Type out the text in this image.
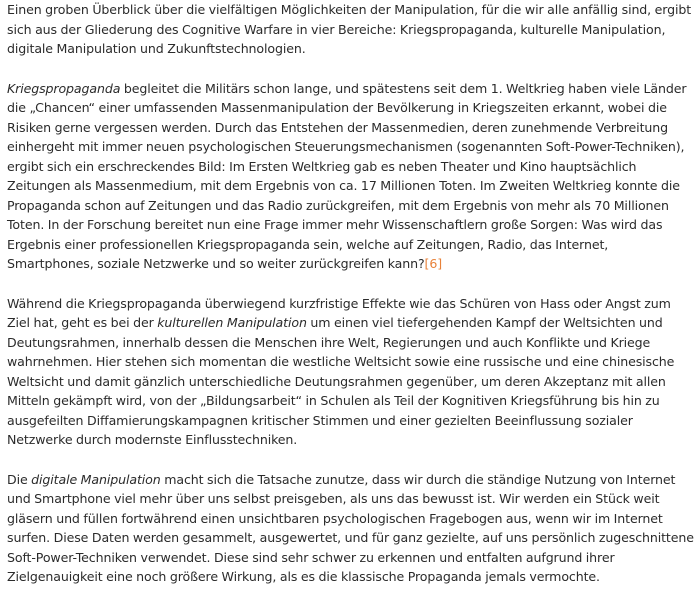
Einen groben Überblick über die vielfältigen Möglichkeiten der Manipulation, für die wir alle anfällig sind, ergibt sich aus der Gliederung des Cognitive Warfare in vier Bereiche: Kriegspropaganda, kulturelle Manipulation, digitale Manipulation und Zukunftstechnologien.

Kriegspropaganda begleitet die Militärs schon lange, und spätestens seit dem 1. Weltkrieg haben viele Länder die „Chancen“ einer umfassenden Massenmanipulation der Bevölkerung in Kriegszeiten erkannt, wobei die Risiken gerne vergessen werden. Durch das Entstehen der Massenmedien, deren zunehmende Verbreitung einhergeht mit immer neuen psychologischen Steuerungsmechanismen (sogenannten Soft-Power-Techniken), ergibt sich ein erschreckendes Bild: Im Ersten Weltkrieg gab es neben Theater und Kino hauptsächlich Zeitungen als Massenmedium, mit dem Ergebnis von ca. 17 Millionen Toten. Im Zweiten Weltkrieg konnte die Propaganda schon auf Zeitungen und das Radio zurückgreifen, mit dem Ergebnis von mehr als 70 Millionen Toten. In der Forschung bereitet nun eine Frage immer mehr Wissenschaftlern große Sorgen: Was wird das Ergebnis einer professionellen Kriegspropaganda sein, welche auf Zeitungen, Radio, das Internet, Smartphones, soziale Netzwerke und so weiter zurückgreifen kann?[6]

Während die Kriegspropaganda überwiegend kurzfristige Effekte wie das Schüren von Hass oder Angst zum Ziel hat, geht es bei der kulturellen Manipulation um einen viel tiefergehenden Kampf der Weltsichten und Deutungsrahmen, innerhalb dessen die Menschen ihre Welt, Regierungen und auch Konflikte und Kriege wahrnehmen. Hier stehen sich momentan die westliche Weltsicht sowie eine russische und eine chinesische Weltsicht und damit gänzlich unterschiedliche Deutungsrahmen gegenüber, um deren Akzeptanz mit allen Mitteln gekämpft wird, von der „Bildungsarbeit“ in Schulen als Teil der Kognitiven Kriegsführung bis hin zu ausgefeilten Diffamierungskampagnen kritischer Stimmen und einer gezielten Beeinflussung sozialer Netzwerke durch modernste Einflusstechniken.

Die digitale Manipulation macht sich die Tatsache zunutze, dass wir durch die ständige Nutzung von Internet und Smartphone viel mehr über uns selbst preisgeben, als uns das bewusst ist. Wir werden ein Stück weit gläsern und füllen fortwährend einen unsichtbaren psychologischen Fragebogen aus, wenn wir im Internet surfen. Diese Daten werden gesammelt, ausgewertet, und für ganz gezielte, auf uns persönlich zugeschnittene Soft-Power-Techniken verwendet. Diese sind sehr schwer zu erkennen und entfalten aufgrund ihrer Zielgenauigkeit eine noch größere Wirkung, als es die klassische Propaganda jemals vermochte.
